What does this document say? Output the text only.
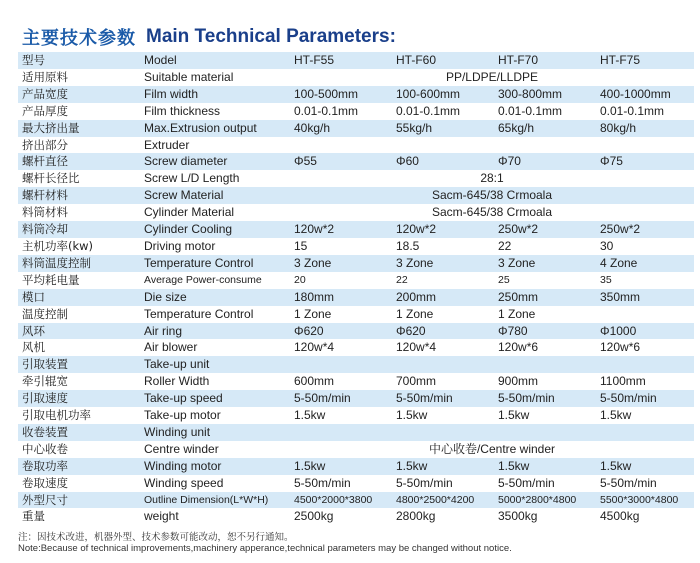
主要技术参数 Main Technical Parameters:
型号	Model	HT-F55	HT-F60	HT-F70	HT-F75
适用原料	Suitable material	PP/LDPE/LLDPE			
产品宽度	Film width	100-500mm	100-600mm	300-800mm	400-1000mm
产品厚度	Film thickness	0.01-0.1mm	0.01-0.1mm	0.01-0.1mm	0.01-0.1mm
最大挤出量	Max.Extrusion output	40kg/h	55kg/h	65kg/h	80kg/h
挤出部分	Extruder				
螺杆直径	Screw diameter	Φ55	Φ60	Φ70	Φ75
螺杆长径比	Screw L/D Length	28:1			
螺杆材料	Screw Material	Sacm-645/38 Crmoala			
料筒材料	Cylinder Material	Sacm-645/38 Crmoala			
料筒冷却	Cylinder Cooling	120w*2	120w*2	250w*2	250w*2
主机功率(kw)	Driving motor	15	18.5	22	30
料筒温度控制	Temperature Control	3 Zone	3 Zone	3 Zone	4 Zone
平均耗电量	Average Power-consume	20	22	25	35
模口	Die size	180mm	200mm	250mm	350mm
温度控制	Temperature Control	1 Zone	1 Zone	1 Zone	
风环	Air ring	Φ620	Φ620	Φ780	Φ1000
风机	Air blower	120w*4	120w*4	120w*6	120w*6
引取装置	Take-up unit				
牵引辊宽	Roller Width	600mm	700mm	900mm	1100mm
引取速度	Take-up speed	5-50m/min	5-50m/min	5-50m/min	5-50m/min
引取电机功率	Take-up motor	1.5kw	1.5kw	1.5kw	1.5kw
收卷装置	Winding unit				
中心收卷	Centre winder	中心收卷/Centre winder			
卷取功率	Winding motor	1.5kw	1.5kw	1.5kw	1.5kw
卷取速度	Winding speed	5-50m/min	5-50m/min	5-50m/min	5-50m/min
外型尺寸	Outline Dimension(L*W*H)	4500*2000*3800	4800*2500*4200	5000*2800*4800	5500*3000*4800
重量	weight	2500kg	2800kg	3500kg	4500kg
注：因技术改进，机器外型、技术参数可能改动，恕不另行通知。
Note:Because of technical improvements,machinery apperance,technical parameters may be changed without notice.
